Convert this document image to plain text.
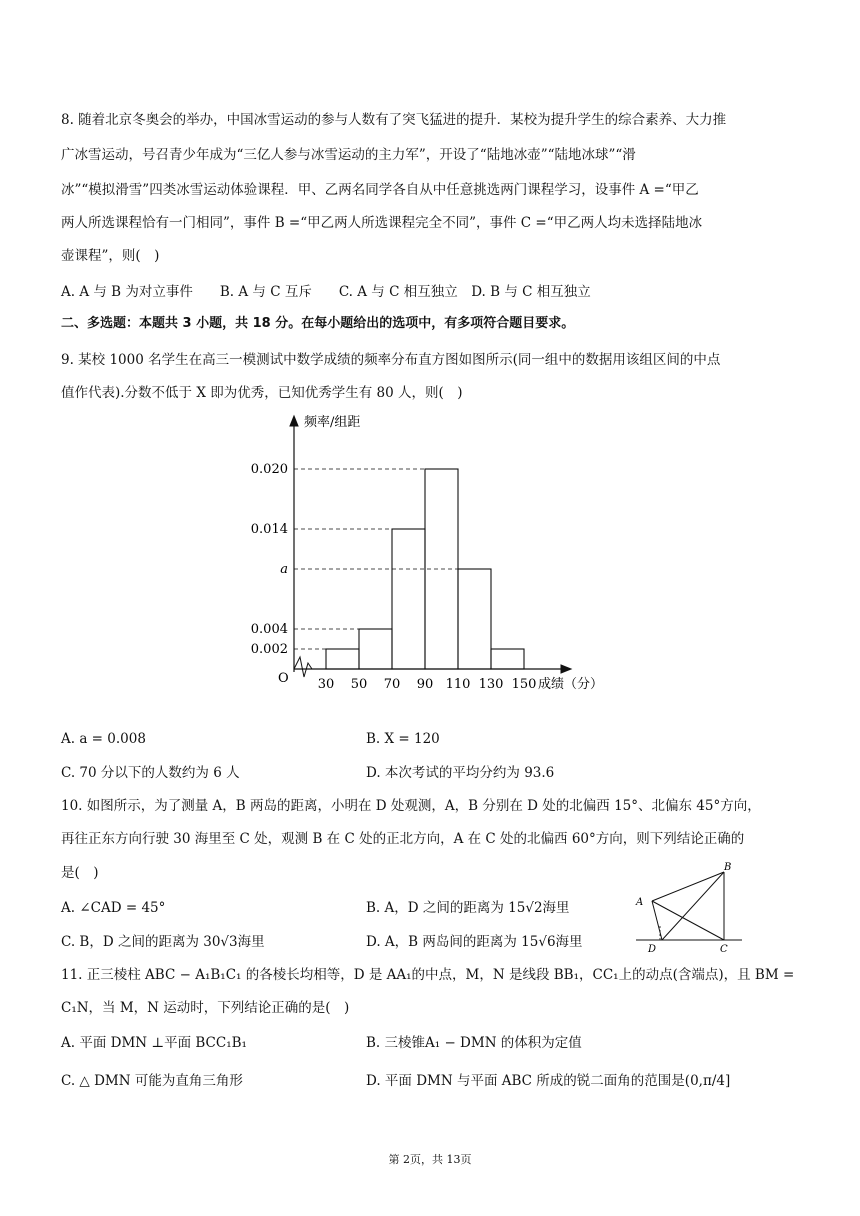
8. 随着北京冬奥会的举办，中国冰雪运动的参与人数有了突飞猛进的提升．某校为提升学生的综合素养、大力推
广冰雪运动，号召青少年成为“三亿人参与冰雪运动的主力军”，开设了“陆地冰壶”“陆地冰球”“滑
冰”“模拟滑雪”四类冰雪运动体验课程．甲、乙两名同学各自从中任意挑选两门课程学习，设事件 A =“甲乙
两人所选课程恰有一门相同”，事件 B =“甲乙两人所选课程完全不同”，事件 C =“甲乙两人均未选择陆地冰
壶课程”，则(　)
A. A 与 B 为对立事件　　B. A 与 C 互斥　　C. A 与 C 相互独立　D. B 与 C 相互独立
二、多选题：本题共 3 小题，共 18 分。在每小题给出的选项中，有多项符合题目要求。
9. 某校 1000 名学生在高三一模测试中数学成绩的频率分布直方图如图所示(同一组中的数据用该组区间的中点
值作代表).分数不低于 X 即为优秀，已知优秀学生有 80 人，则(　)
频率/组距
成绩（分）
O
0.002
0.004
a
0.014
0.020
30 50 70 90 110 130 150
A. a = 0.008	B. X = 120
C. 70 分以下的人数约为 6 人	D. 本次考试的平均分约为 93.6
10. 如图所示，为了测量 A，B 两岛的距离，小明在 D 处观测，A，B 分别在 D 处的北偏西 15°、北偏东 45°方向，
再往正东方向行驶 30 海里至 C 处，观测 B 在 C 处的正北方向，A 在 C 处的北偏西 60°方向，则下列结论正确的
是(　)
A. ∠CAD = 45°	B. A，D 之间的距离为 15√2海里
C. B，D 之间的距离为 30√3海里	D. A，B 两岛间的距离为 15√6海里
A
B
C
D
11. 正三棱柱 ABC − A₁B₁C₁ 的各棱长均相等，D 是 AA₁的中点，M，N 是线段 BB₁，CC₁上的动点(含端点)，且 BM =
C₁N，当 M，N 运动时，下列结论正确的是(　)
A. 平面 DMN ⊥平面 BCC₁B₁	B. 三棱锥A₁ − DMN 的体积为定值
C. △ DMN 可能为直角三角形	D. 平面 DMN 与平面 ABC 所成的锐二面角的范围是(0,π/4]
第 2页，共 13页
